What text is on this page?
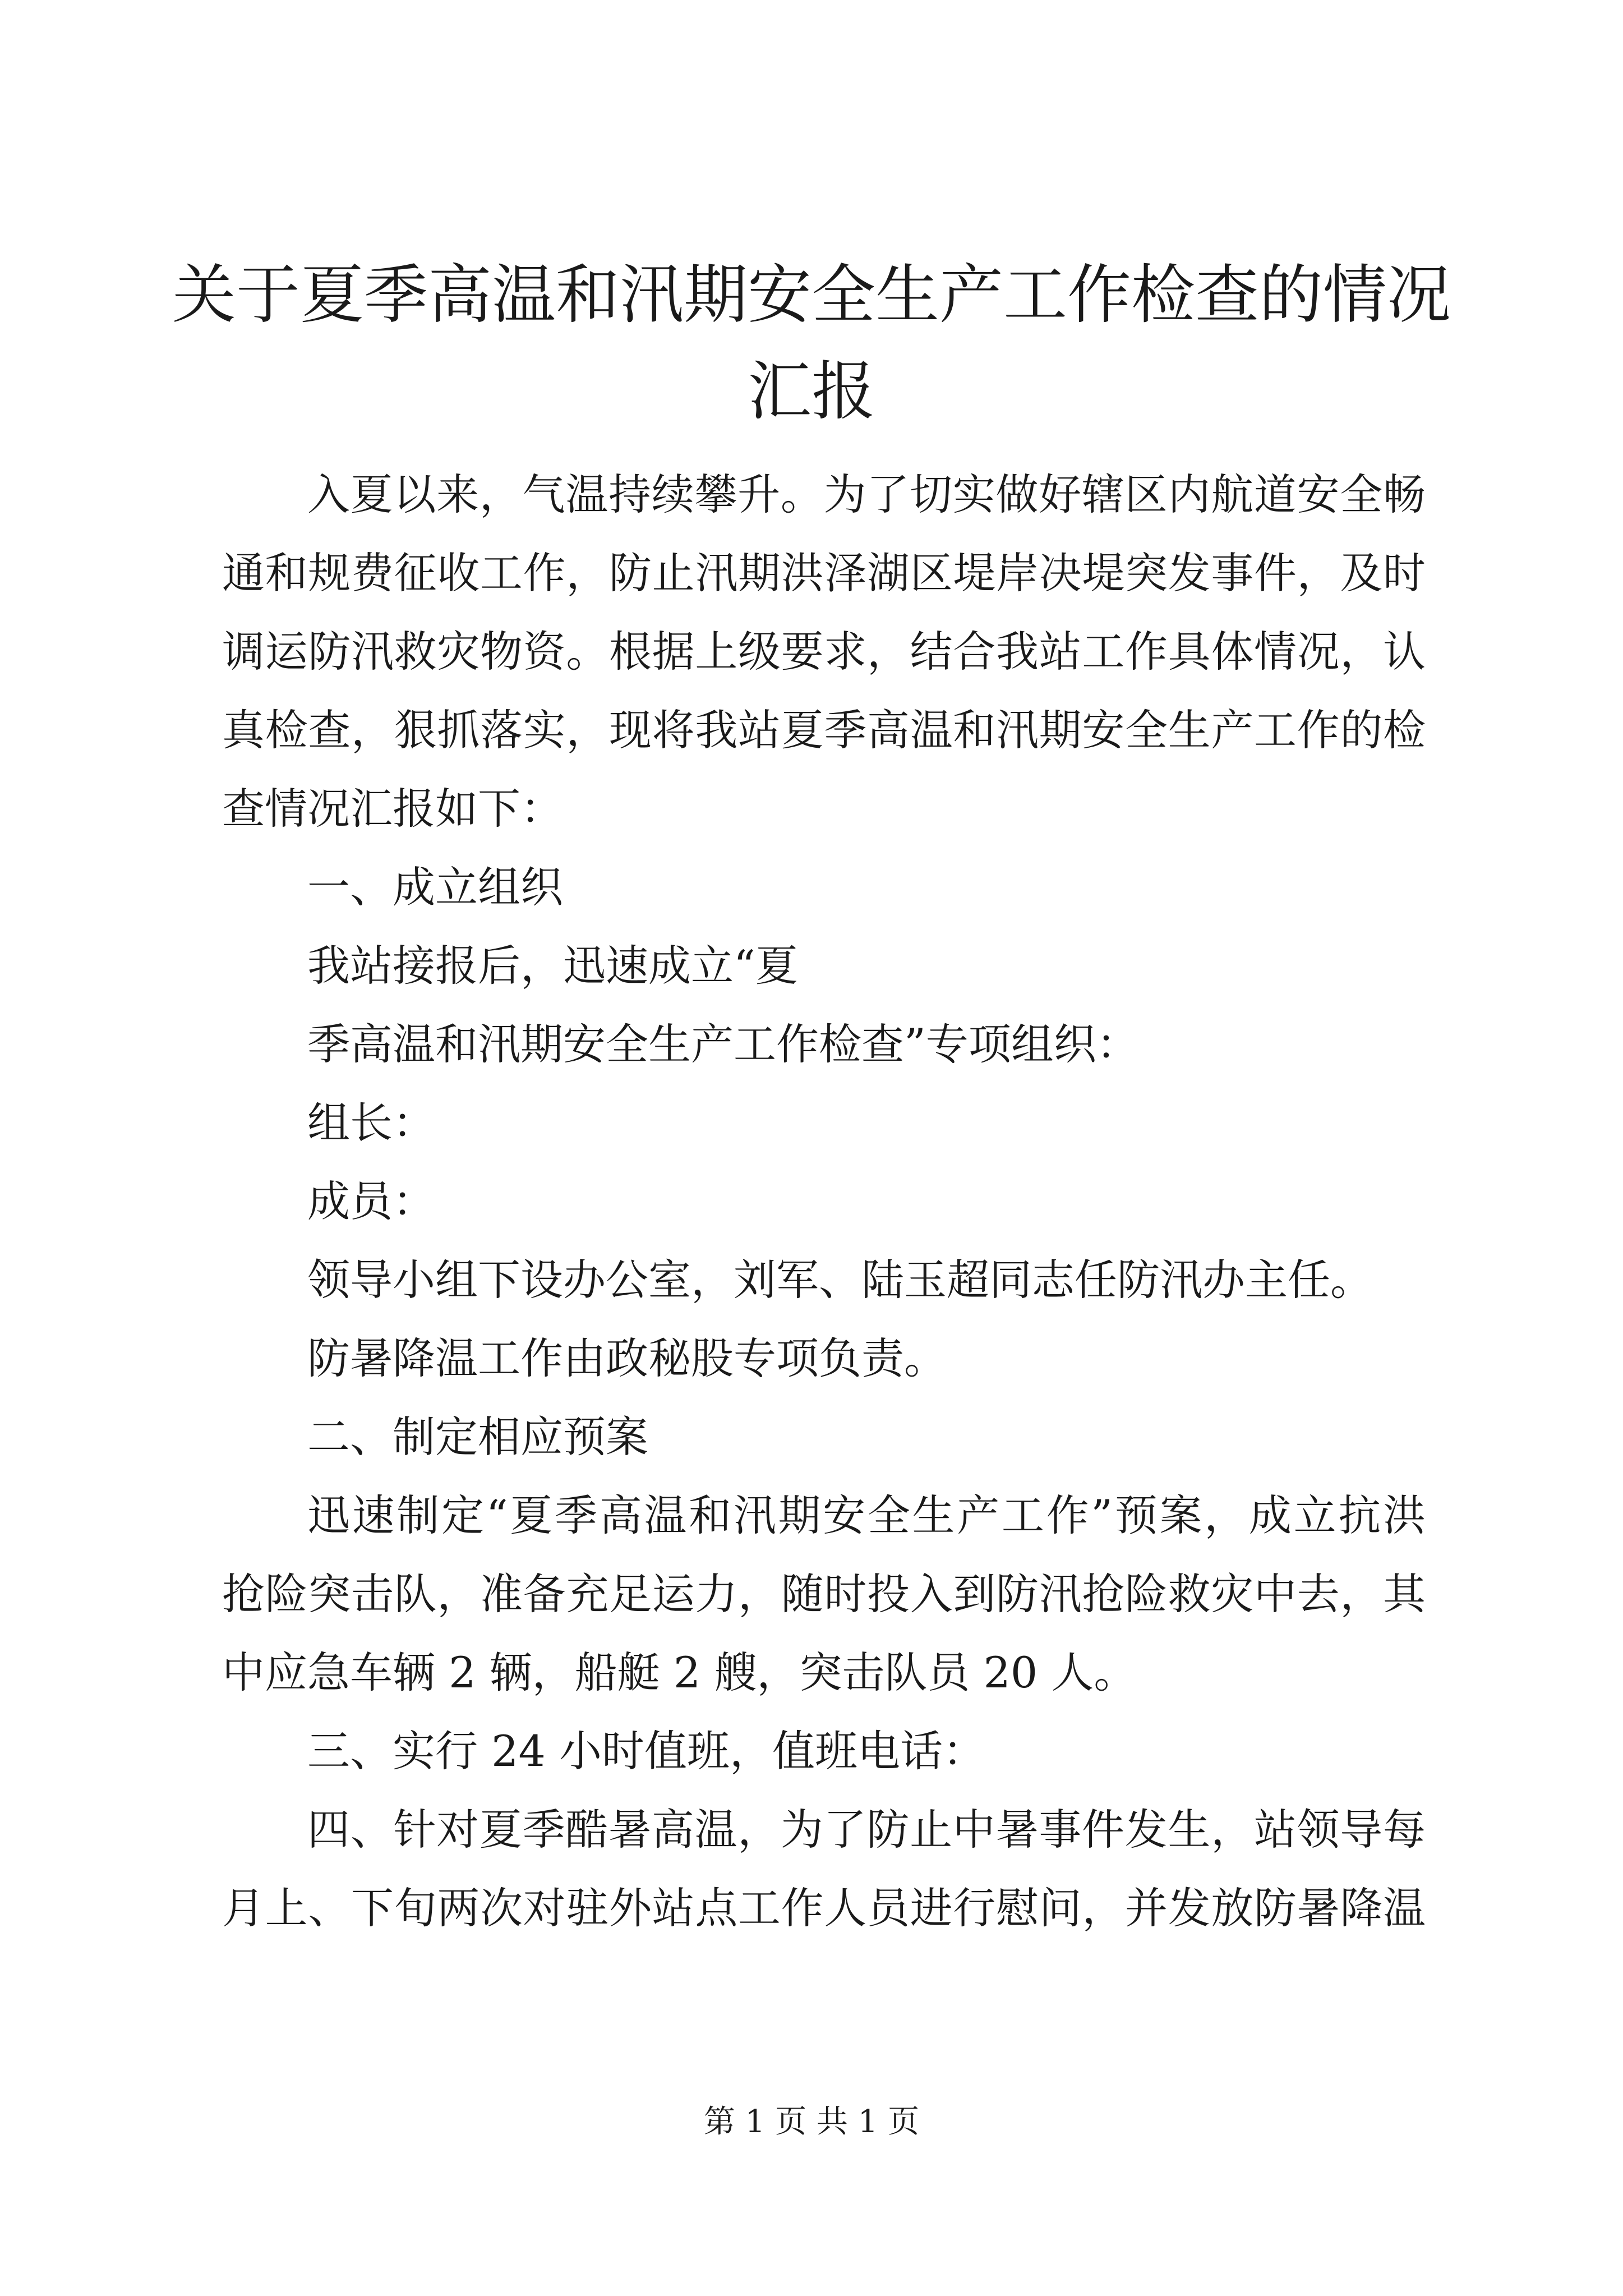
关于夏季高温和汛期安全生产工作检查的情况
汇报
入夏以来，气温持续攀升。为了切实做好辖区内航道安全畅
通和规费征收工作，防止汛期洪泽湖区堤岸决堤突发事件，及时
调运防汛救灾物资。根据上级要求，结合我站工作具体情况，认
真检查，狠抓落实，现将我站夏季高温和汛期安全生产工作的检
查情况汇报如下：
一、成立组织
我站接报后，迅速成立“夏
季高温和汛期安全生产工作检查”专项组织：
组长：
成员：
领导小组下设办公室，刘军、陆玉超同志任防汛办主任。
防暑降温工作由政秘股专项负责。
二、制定相应预案
迅速制定“夏季高温和汛期安全生产工作”预案，成立抗洪
抢险突击队，准备充足运力，随时投入到防汛抢险救灾中去，其
中应急车辆 2 辆，船艇 2 艘，突击队员 20 人。
三、实行 24 小时值班，值班电话：
四、针对夏季酷暑高温，为了防止中暑事件发生，站领导每
月上、下旬两次对驻外站点工作人员进行慰问，并发放防暑降温
第 1 页 共 1 页
